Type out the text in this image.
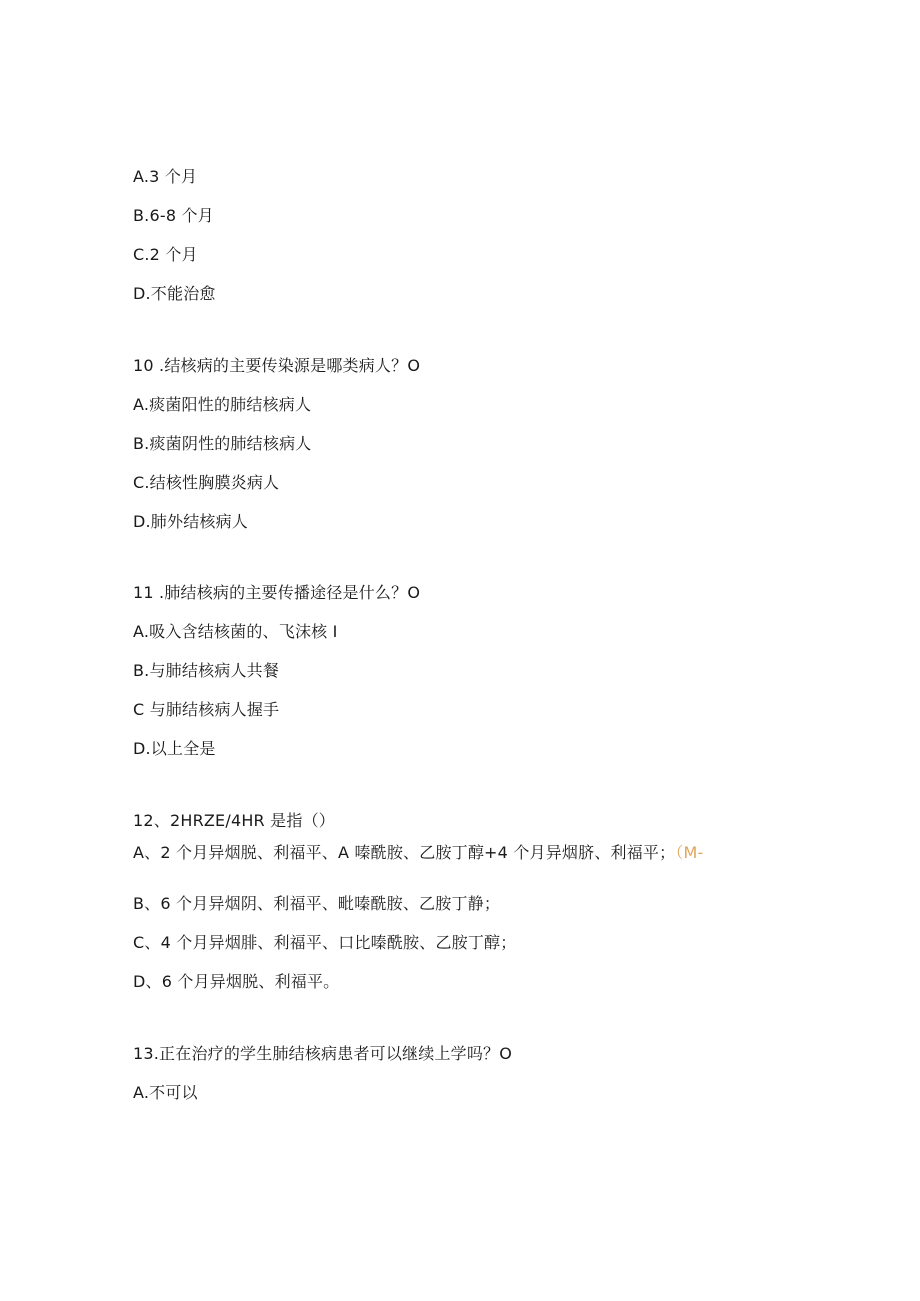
A.3 个月
B.6-8 个月
C.2 个月
D.不能治愈
10 .结核病的主要传染源是哪类病人？O
A.痰菌阳性的肺结核病人
B.痰菌阴性的肺结核病人
C.结核性胸膜炎病人
D.肺外结核病人
11 .肺结核病的主要传播途径是什么？O
A.吸入含结核菌的、飞沫核 I
B.与肺结核病人共餐
C 与肺结核病人握手
D.以上全是
12、2HRZE/4HR 是指（）
A、2 个月异烟脱、利福平、A 嗪酰胺、乙胺丁醇+4 个月异烟脐、利福平；（M-
B、6 个月异烟阴、利福平、毗嗪酰胺、乙胺丁静；
C、4 个月异烟腓、利福平、口比嗪酰胺、乙胺丁醇；
D、6 个月异烟脱、利福平。
13.正在治疗的学生肺结核病患者可以继续上学吗？O
A.不可以
